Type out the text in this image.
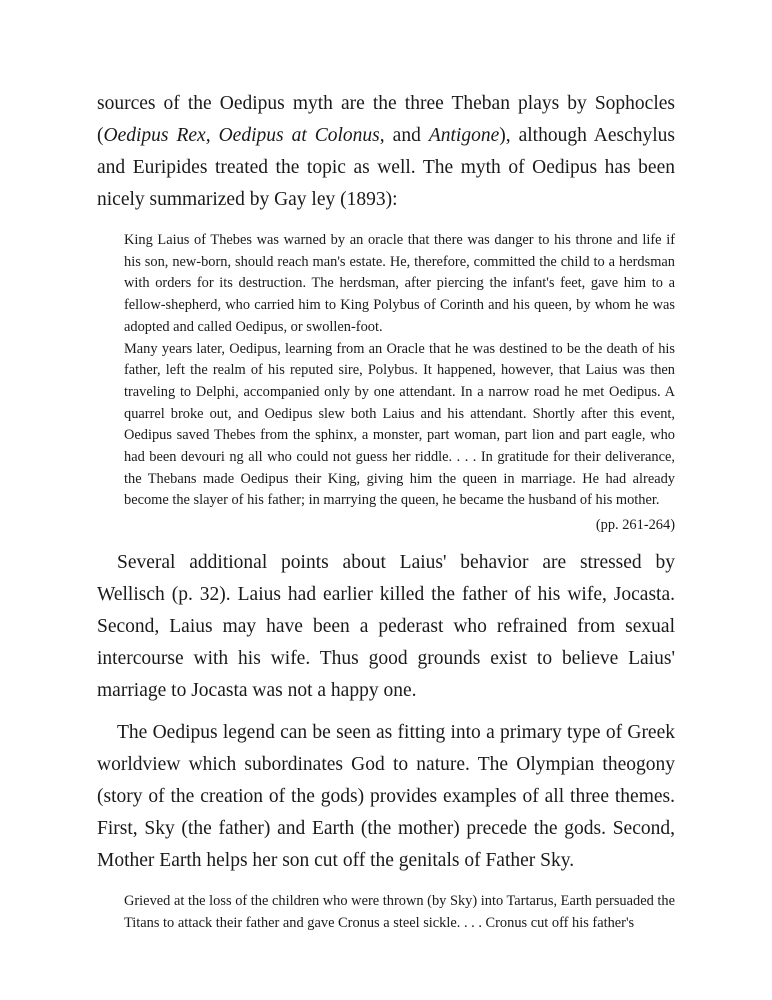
sources of the Oedipus myth are the three Theban plays by Sophocles (Oedipus Rex, Oedipus at Colonus, and Antigone), although Aeschylus and Euripides treated the topic as well. The myth of Oedipus has been nicely summarized by Gay ley (1893):

King Laius of Thebes was warned by an oracle that there was danger to his throne and life if his son, new-born, should reach man's estate. He, therefore, committed the child to a herdsman with orders for its destruction. The herdsman, after piercing the infant's feet, gave him to a fellow-shepherd, who carried him to King Polybus of Corinth and his queen, by whom he was adopted and called Oedipus, or swollen-foot.

Many years later, Oedipus, learning from an Oracle that he was destined to be the death of his father, left the realm of his reputed sire, Polybus. It happened, however, that Laius was then traveling to Delphi, accompanied only by one attendant. In a narrow road he met Oedipus. A quarrel broke out, and Oedipus slew both Laius and his attendant. Shortly after this event, Oedipus saved Thebes from the sphinx, a monster, part woman, part lion and part eagle, who had been devouri ng all who could not guess her riddle. . . . In gratitude for their deliverance, the Thebans made Oedipus their King, giving him the queen in marriage. He had already become the slayer of his father; in marrying the queen, he became the husband of his mother.

(pp. 261-264)

Several additional points about Laius' behavior are stressed by Wellisch (p. 32). Laius had earlier killed the father of his wife, Jocasta. Second, Laius may have been a pederast who refrained from sexual intercourse with his wife. Thus good grounds exist to believe Laius' marriage to Jocasta was not a happy one.

The Oedipus legend can be seen as fitting into a primary type of Greek worldview which subordinates God to nature. The Olympian theogony (story of the creation of the gods) provides examples of all three themes. First, Sky (the father) and Earth (the mother) precede the gods. Second, Mother Earth helps her son cut off the genitals of Father Sky.

Grieved at the loss of the children who were thrown (by Sky) into Tartarus, Earth persuaded the Titans to attack their father and gave Cronus a steel sickle. . . . Cronus cut off his father's
